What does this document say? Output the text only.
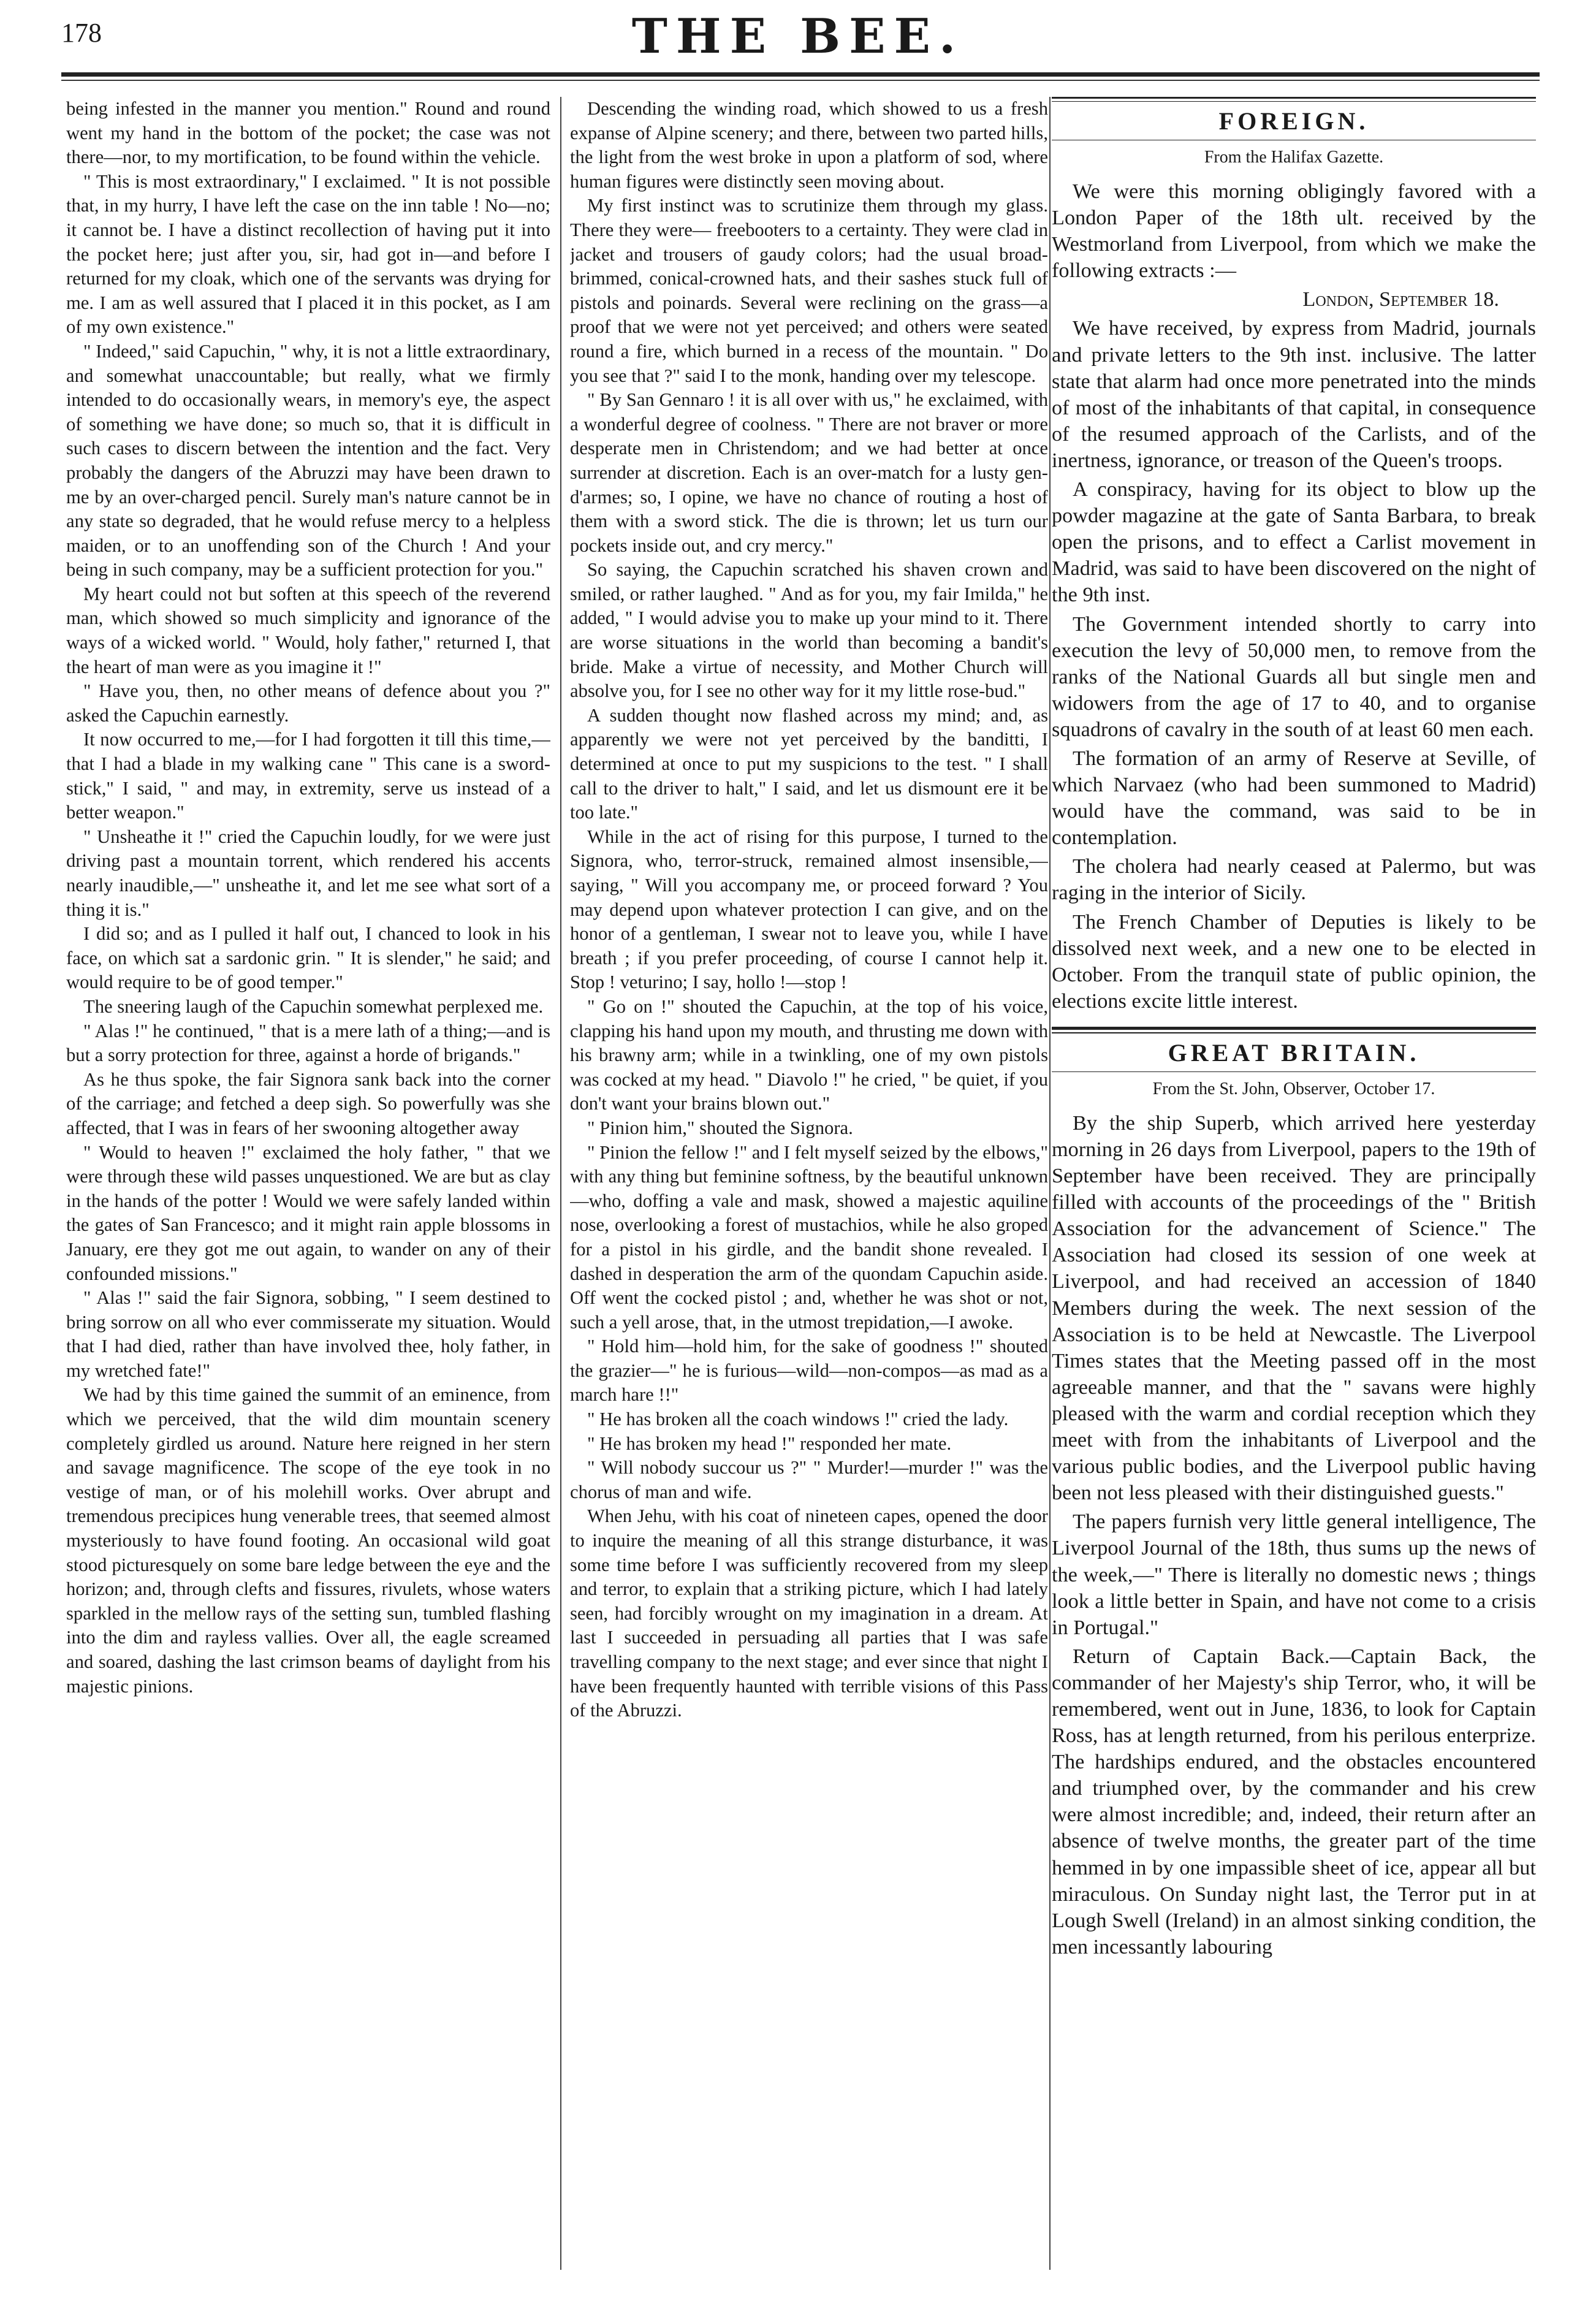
178	THE BEE.

being infested in the manner you mention." Round and round went my hand in the bottom of the pocket; the case was not there—nor, to my mortification, to be found within the vehicle.

" This is most extraordinary," I exclaimed. " It is not possible that, in my hurry, I have left the case on the inn table ! No—no; it cannot be. I have a distinct recollection of having put it into the pocket here; just after you, sir, had got in—and before I returned for my cloak, which one of the servants was drying for me. I am as well assured that I placed it in this pocket, as I am of my own existence."

" Indeed," said Capuchin, " why, it is not a little extraordinary, and somewhat unaccountable; but really, what we firmly intended to do occasionally wears, in memory's eye, the aspect of something we have done; so much so, that it is difficult in such cases to discern between the intention and the fact. Very probably the dangers of the Abruzzi may have been drawn to me by an over-charged pencil. Surely man's nature cannot be in any state so degraded, that he would refuse mercy to a helpless maiden, or to an unoffending son of the Church ! And your being in such company, may be a sufficient protection for you."

My heart could not but soften at this speech of the reverend man, which showed so much simplicity and ignorance of the ways of a wicked world. " Would, holy father," returned I, that the heart of man were as you imagine it !"

" Have you, then, no other means of defence about you ?" asked the Capuchin earnestly.

It now occurred to me,—for I had forgotten it till this time,—that I had a blade in my walking cane " This cane is a sword-stick," I said, " and may, in extremity, serve us instead of a better weapon."

" Unsheathe it !" cried the Capuchin loudly, for we were just driving past a mountain torrent, which rendered his accents nearly inaudible,—" unsheathe it, and let me see what sort of a thing it is."

I did so; and as I pulled it half out, I chanced to look in his face, on which sat a sardonic grin. " It is slender," he said; and would require to be of good temper."

The sneering laugh of the Capuchin somewhat perplexed me.

" Alas !" he continued, " that is a mere lath of a thing;—and is but a sorry protection for three, against a horde of brigands."

As he thus spoke, the fair Signora sank back into the corner of the carriage; and fetched a deep sigh. So powerfully was she affected, that I was in fears of her swooning altogether away

" Would to heaven !" exclaimed the holy father, " that we were through these wild passes unquestioned. We are but as clay in the hands of the potter ! Would we were safely landed within the gates of San Francesco; and it might rain apple blossoms in January, ere they got me out again, to wander on any of their confounded missions."

" Alas !" said the fair Signora, sobbing, " I seem destined to bring sorrow on all who ever commisserate my situation. Would that I had died, rather than have involved thee, holy father, in my wretched fate!"

We had by this time gained the summit of an eminence, from which we perceived, that the wild dim mountain scenery completely girdled us around. Nature here reigned in her stern and savage magnificence. The scope of the eye took in no vestige of man, or of his molehill works. Over abrupt and tremendous precipices hung venerable trees, that seemed almost mysteriously to have found footing. An occasional wild goat stood picturesquely on some bare ledge between the eye and the horizon; and, through clefts and fissures, rivulets, whose waters sparkled in the mellow rays of the setting sun, tumbled flashing into the dim and rayless vallies. Over all, the eagle screamed and soared, dashing the last crimson beams of daylight from his majestic pinions.

Descending the winding road, which showed to us a fresh expanse of Alpine scenery; and there, between two parted hills, the light from the west broke in upon a platform of sod, where human figures were distinctly seen moving about.

My first instinct was to scrutinize them through my glass. There they were— freebooters to a certainty. They were clad in jacket and trousers of gaudy colors; had the usual broad-brimmed, conical-crowned hats, and their sashes stuck full of pistols and poinards. Several were reclining on the grass—a proof that we were not yet perceived; and others were seated round a fire, which burned in a recess of the mountain. " Do you see that ?" said I to the monk, handing over my telescope.

" By San Gennaro ! it is all over with us," he exclaimed, with a wonderful degree of coolness. " There are not braver or more desperate men in Christendom; and we had better at once surrender at discretion. Each is an over-match for a lusty gen-d'armes; so, I opine, we have no chance of routing a host of them with a sword stick. The die is thrown; let us turn our pockets inside out, and cry mercy."

So saying, the Capuchin scratched his shaven crown and smiled, or rather laughed. " And as for you, my fair Imilda," he added, " I would advise you to make up your mind to it. There are worse situations in the world than becoming a bandit's bride. Make a virtue of necessity, and Mother Church will absolve you, for I see no other way for it my little rose-bud."

A sudden thought now flashed across my mind; and, as apparently we were not yet perceived by the banditti, I determined at once to put my suspicions to the test. " I shall call to the driver to halt," I said, and let us dismount ere it be too late."

While in the act of rising for this purpose, I turned to the Signora, who, terror-struck, remained almost insensible,—saying, " Will you accompany me, or proceed forward ? You may depend upon whatever protection I can give, and on the honor of a gentleman, I swear not to leave you, while I have breath ; if you prefer proceeding, of course I cannot help it. Stop ! veturino; I say, hollo !—stop !

" Go on !" shouted the Capuchin, at the top of his voice, clapping his hand upon my mouth, and thrusting me down with his brawny arm; while in a twinkling, one of my own pistols was cocked at my head. " Diavolo !" he cried, " be quiet, if you don't want your brains blown out."

" Pinion him," shouted the Signora.

" Pinion the fellow !" and I felt myself seized by the elbows," with any thing but feminine softness, by the beautiful unknown—who, doffing a vale and mask, showed a majestic aquiline nose, overlooking a forest of mustachios, while he also groped for a pistol in his girdle, and the bandit shone revealed. I dashed in desperation the arm of the quondam Capuchin aside. Off went the cocked pistol ; and, whether he was shot or not, such a yell arose, that, in the utmost trepidation,—I awoke.

" Hold him—hold him, for the sake of goodness !" shouted the grazier—" he is furious—wild—non-compos—as mad as a march hare !!"

" He has broken all the coach windows !" cried the lady.

" He has broken my head !" responded her mate.

" Will nobody succour us ?" " Murder!—murder !" was the chorus of man and wife.

When Jehu, with his coat of nineteen capes, opened the door to inquire the meaning of all this strange disturbance, it was some time before I was sufficiently recovered from my sleep and terror, to explain that a striking picture, which I had lately seen, had forcibly wrought on my imagination in a dream. At last I succeeded in persuading all parties that I was safe travelling company to the next stage; and ever since that night I have been frequently haunted with terrible visions of this Pass of the Abruzzi.

FOREIGN.
From the Halifax Gazette.

We were this morning obligingly favored with a London Paper of the 18th ult. received by the Westmorland from Liverpool, from which we make the following extracts :—

London, September 18.

We have received, by express from Madrid, journals and private letters to the 9th inst. inclusive. The latter state that alarm had once more penetrated into the minds of most of the inhabitants of that capital, in consequence of the resumed approach of the Carlists, and of the inertness, ignorance, or treason of the Queen's troops.

A conspiracy, having for its object to blow up the powder magazine at the gate of Santa Barbara, to break open the prisons, and to effect a Carlist movement in Madrid, was said to have been discovered on the night of the 9th inst.

The Government intended shortly to carry into execution the levy of 50,000 men, to remove from the ranks of the National Guards all but single men and widowers from the age of 17 to 40, and to organise squadrons of cavalry in the south of at least 60 men each.

The formation of an army of Reserve at Seville, of which Narvaez (who had been summoned to Madrid) would have the command, was said to be in contemplation.

The cholera had nearly ceased at Palermo, but was raging in the interior of Sicily.

The French Chamber of Deputies is likely to be dissolved next week, and a new one to be elected in October. From the tranquil state of public opinion, the elections excite little interest.

GREAT BRITAIN.
From the St. John, Observer, October 17.

By the ship Superb, which arrived here yesterday morning in 26 days from Liverpool, papers to the 19th of September have been received. They are principally filled with accounts of the proceedings of the " British Association for the advancement of Science." The Association had closed its session of one week at Liverpool, and had received an accession of 1840 Members during the week. The next session of the Association is to be held at Newcastle. The Liverpool Times states that the Meeting passed off in the most agreeable manner, and that the " savans were highly pleased with the warm and cordial reception which they meet with from the inhabitants of Liverpool and the various public bodies, and the Liverpool public having been not less pleased with their distinguished guests."

The papers furnish very little general intelligence, The Liverpool Journal of the 18th, thus sums up the news of the week,—" There is literally no domestic news ; things look a little better in Spain, and have not come to a crisis in Portugal."

Return of Captain Back.—Captain Back, the commander of her Majesty's ship Terror, who, it will be remembered, went out in June, 1836, to look for Captain Ross, has at length returned, from his perilous enterprize. The hardships endured, and the obstacles encountered and triumphed over, by the commander and his crew were almost incredible; and, indeed, their return after an absence of twelve months, the greater part of the time hemmed in by one impassible sheet of ice, appear all but miraculous. On Sunday night last, the Terror put in at Lough Swell (Ireland) in an almost sinking condition, the men incessantly labouring
